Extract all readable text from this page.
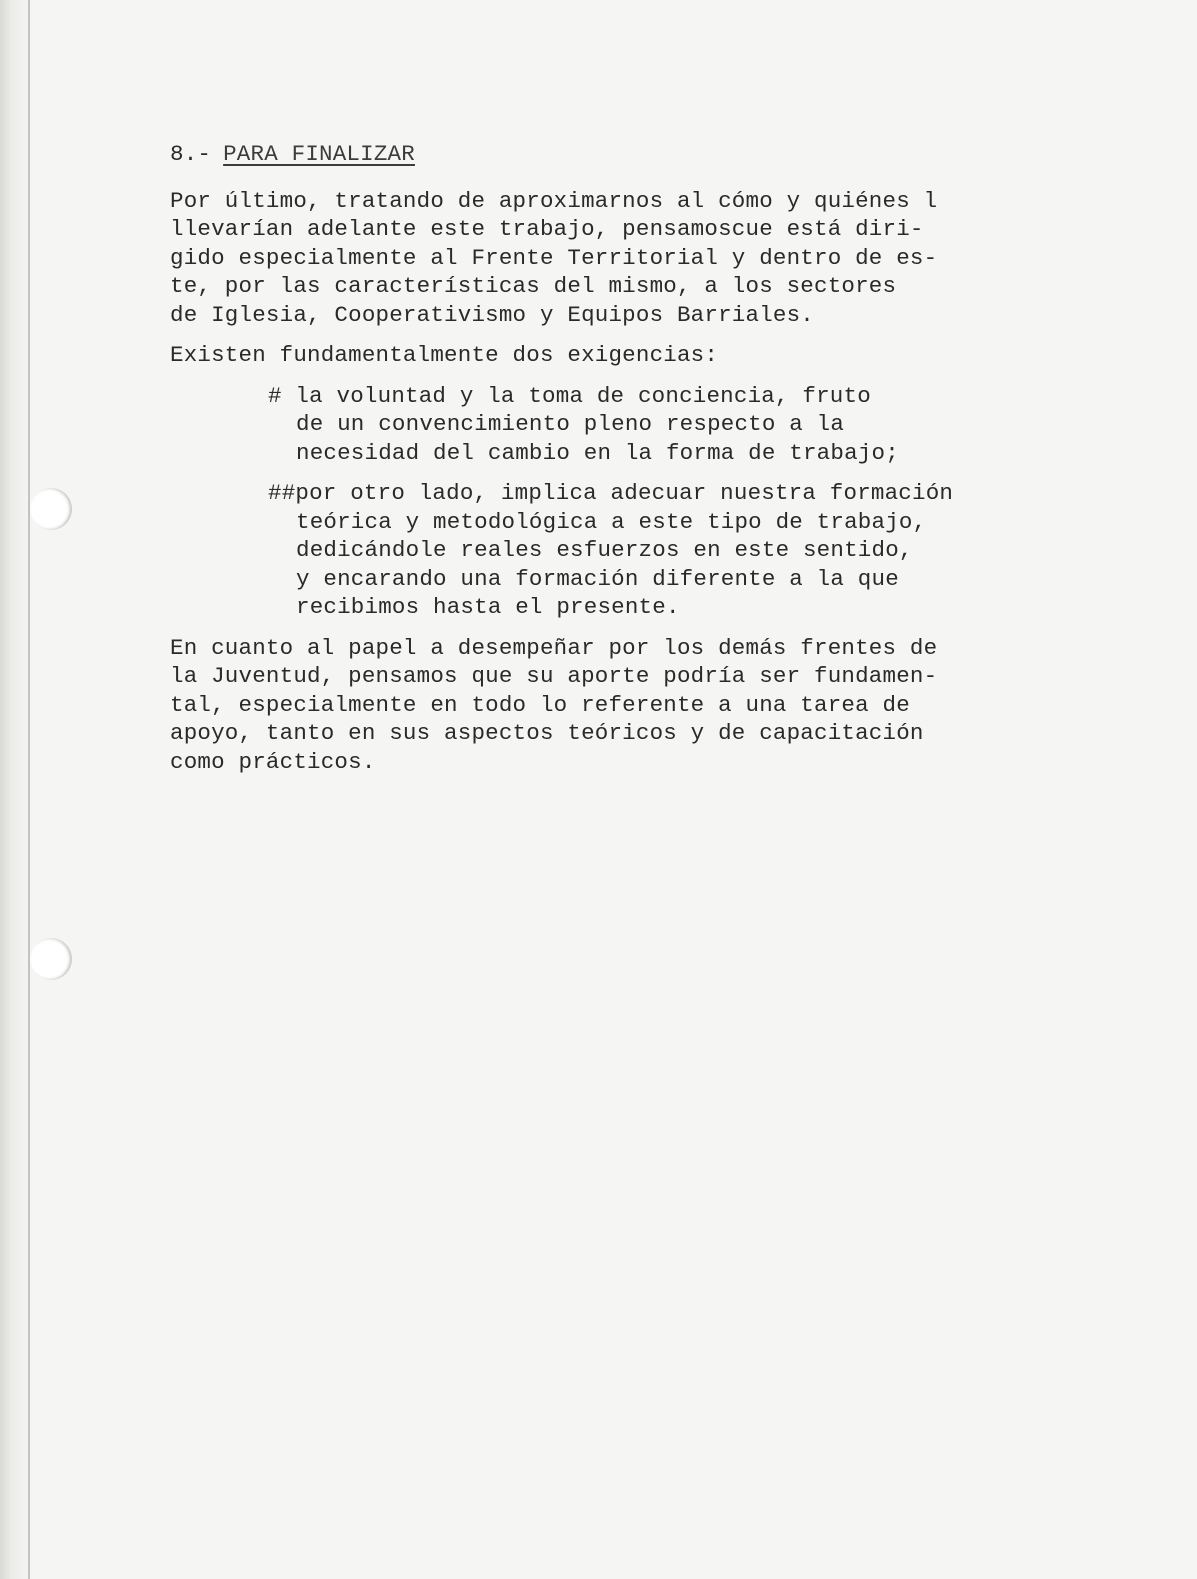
8.- PARA FINALIZAR

Por último, tratando de aproximarnos al cómo y quiénes l
llevarían adelante este trabajo, pensamoscue está diri-
gido especialmente al Frente Territorial y dentro de es-
te, por las características del mismo, a los sectores
de Iglesia, Cooperativismo y Equipos Barriales.

Existen fundamentalmente dos exigencias:

# la voluntad y la toma de conciencia, fruto
de un convencimiento pleno respecto a la
necesidad del cambio en la forma de trabajo;
##por otro lado, implica adecuar nuestra formación
teórica y metodológica a este tipo de trabajo,
dedicándole reales esfuerzos en este sentido,
y encarando una formación diferente a la que
recibimos hasta el presente.

En cuanto al papel a desempeñar por los demás frentes de
la Juventud, pensamos que su aporte podría ser fundamen-
tal, especialmente en todo lo referente a una tarea de
apoyo, tanto en sus aspectos teóricos y de capacitación
como prácticos.
